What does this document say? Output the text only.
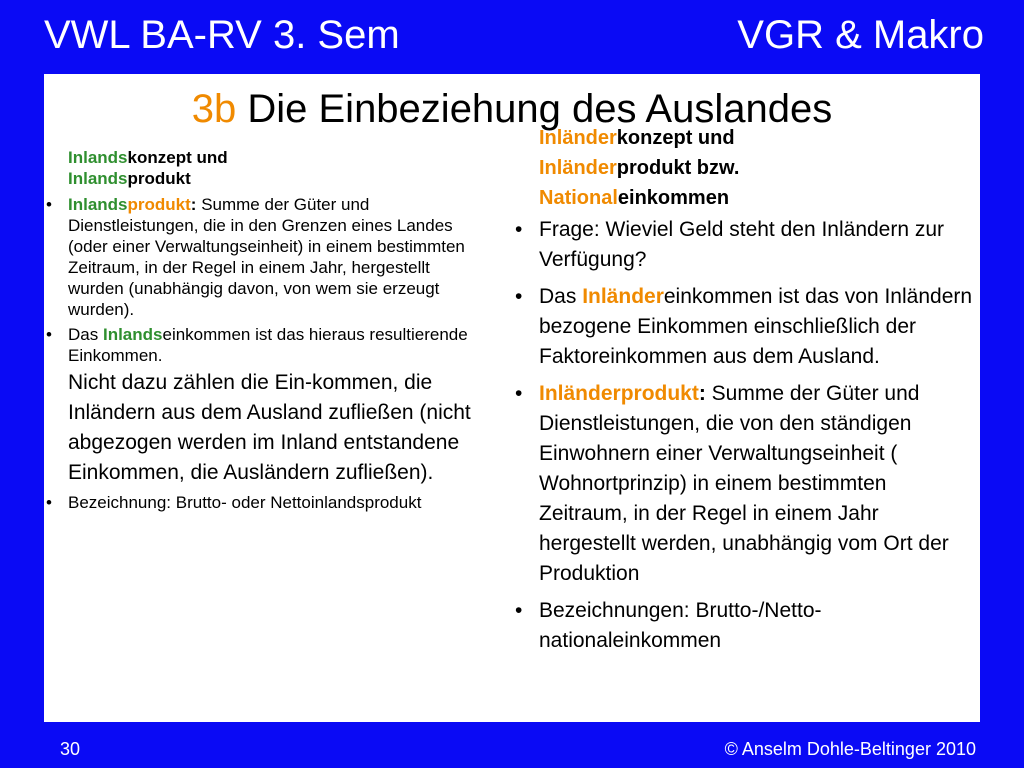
VWL BA-RV 3. Sem	VGR & Makro
3b Die Einbeziehung des Auslandes
Inlandskonzept und
Inlandsprodukt
• Inlandsprodukt: Summe der Güter und Dienstleistungen, die in den Grenzen eines Landes (oder einer Verwaltungseinheit) in einem bestimmten Zeitraum, in der Regel in einem Jahr, hergestellt wurden (unabhängig davon, von wem sie erzeugt wurden).
• Das Inlandseinkommen ist das hieraus resultierende Einkommen.
Nicht dazu zählen die Ein-kommen, die Inländern aus dem Ausland zufließen (nicht abgezogen werden im Inland entstandene Einkommen, die Ausländern zufließen).
• Bezeichnung: Brutto- oder Nettoinlandsprodukt
Inländerkonzept und
Inländerprodukt bzw.
Nationaleinkommen
• Frage: Wieviel Geld steht den Inländern zur Verfügung?
• Das Inländereinkommen ist das von Inländern bezogene Einkommen einschließlich der Faktoreinkommen aus dem Ausland.
• Inländerprodukt: Summe der Güter und Dienstleistungen, die von den ständigen Einwohnern einer Verwaltungseinheit ( Wohnortprinzip) in einem bestimmten Zeitraum, in der Regel in einem Jahr hergestellt werden, unabhängig vom Ort der Produktion
• Bezeichnungen: Brutto-/Netto-nationaleinkommen
30	© Anselm Dohle-Beltinger 2010
